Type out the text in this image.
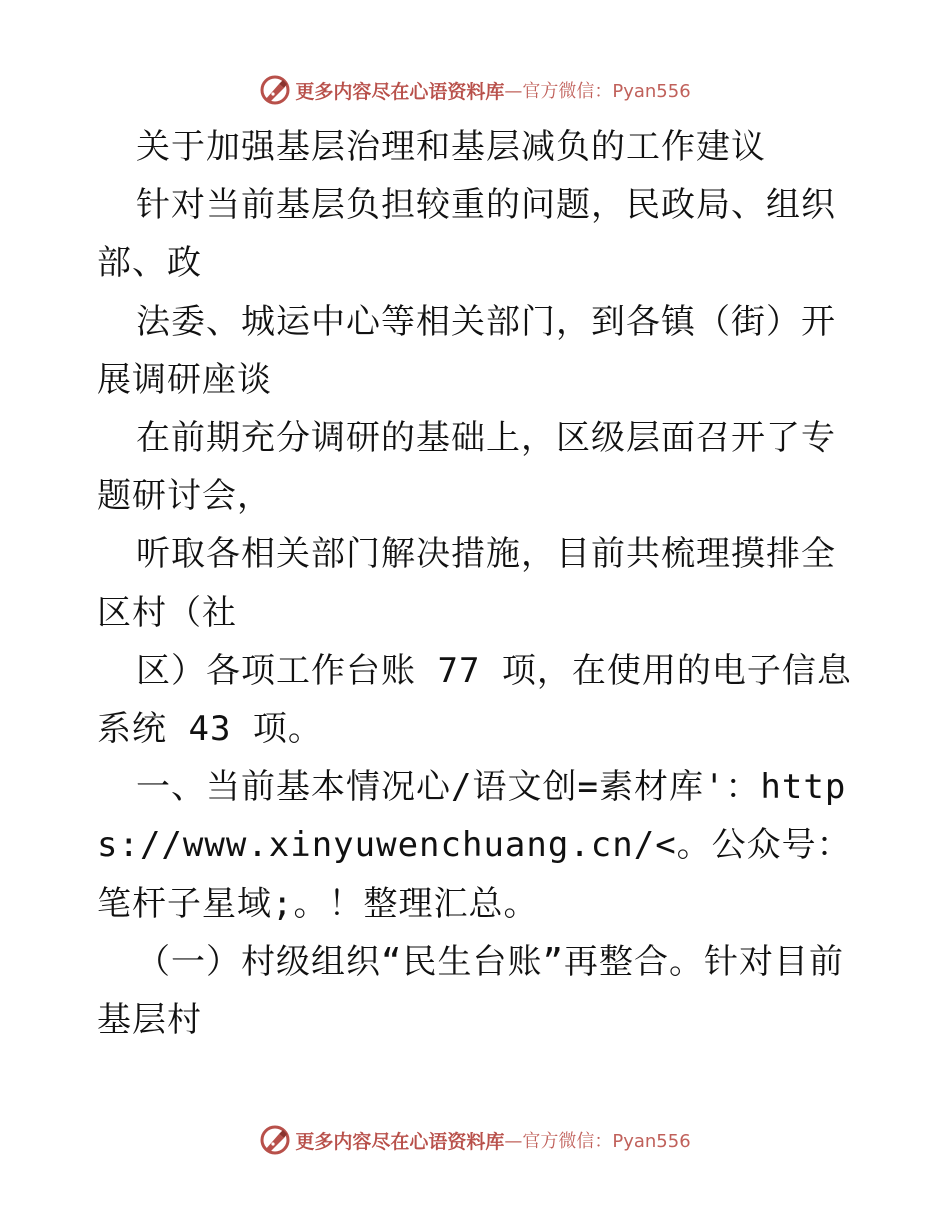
更多内容尽在心语资料库 —官方微信：Pyan556

关于加强基层治理和基层减负的工作建议

针对当前基层负担较重的问题，民政局、组织部、政

法委、城运中心等相关部门，到各镇（街）开展调研座谈

在前期充分调研的基础上，区级层面召开了专题研讨会，

听取各相关部门解决措施，目前共梳理摸排全区村（社

区）各项工作台账 77 项，在使用的电子信息系统 43 项。

一、当前基本情况心/语文创=素材库'：https://www.xinyuwenchuang.cn/<。公众号：笔杆子星域;。！整理汇总。

（一）村级组织“民生台账”再整合。针对目前基层村

更多内容尽在心语资料库 —官方微信：Pyan556
